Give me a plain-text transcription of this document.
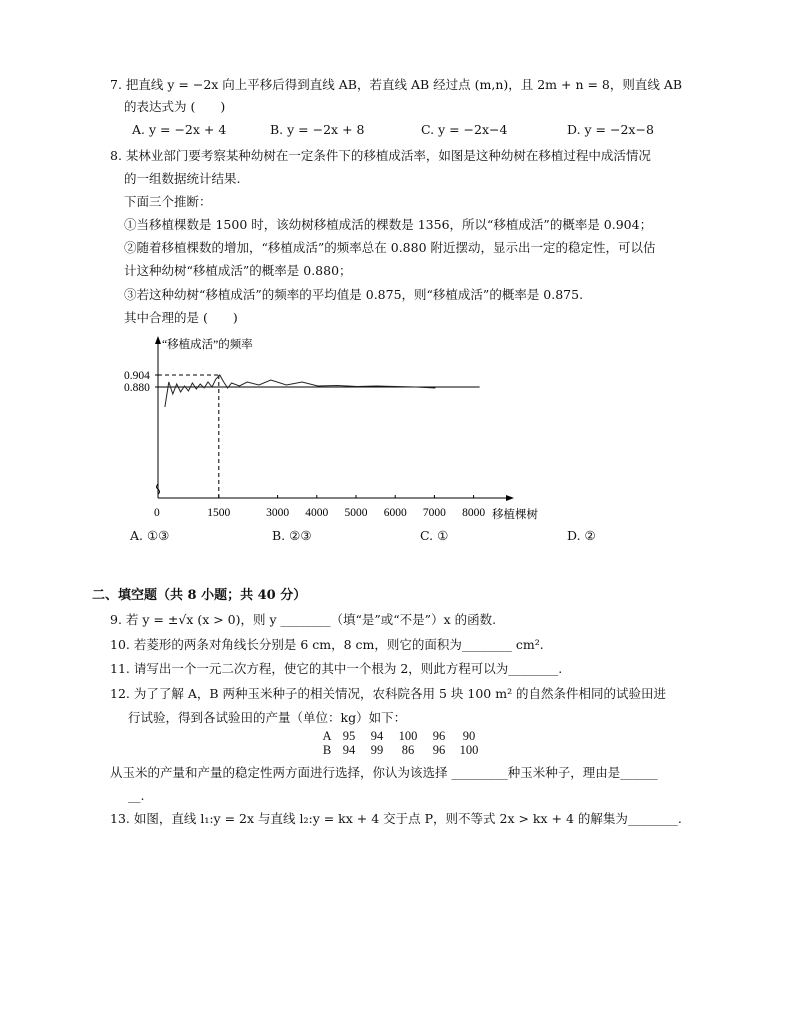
7. 把直线 y = −2x 向上平移后得到直线 AB，若直线 AB 经过点 (m,n)，且 2m + n = 8，则直线 AB
的表达式为 (　　)
A. y = −2x + 4	B. y = −2x + 8	C. y = −2x−4	D. y = −2x−8
8. 某林业部门要考察某种幼树在一定条件下的移植成活率，如图是这种幼树在移植过程中成活情况
的一组数据统计结果.
下面三个推断：
①当移植棵数是 1500 时，该幼树移植成活的棵数是 1356，所以“移植成活”的概率是 0.904；
②随着移植棵数的增加，“移植成活”的频率总在 0.880 附近摆动，显示出一定的稳定性，可以估
计这种幼树“移植成活”的概率是 0.880；
③若这种幼树“移植成活”的频率的平均值是 0.875，则“移植成活”的概率是 0.875.
其中合理的是 (　　)
“移植成活”的频率
移植棵树
0.904
0.880
0	1500	3000 4000 5000 6000 7000 8000
A. ①③	B. ②③	C. ①	D. ②
二、填空题（共 8 小题；共 40 分）
9. 若 y = ±√x (x > 0)，则 y ________（填“是”或“不是”）x 的函数.
10. 若菱形的两条对角线长分别是 6 cm，8 cm，则它的面积为________ cm².
11. 请写出一个一元二次方程，使它的其中一个根为 2，则此方程可以为________.
12. 为了了解 A，B 两种玉米种子的相关情况，农科院各用 5 块 100 m² 的自然条件相同的试验田进
行试验，得到各试验田的产量（单位：kg）如下：
A 95 94 100 96 90
B 94 99 86 96 100
从玉米的产量和产量的稳定性两方面进行选择，你认为该选择 _________种玉米种子，理由是______
__.
13. 如图，直线 l₁:y = 2x 与直线 l₂:y = kx + 4 交于点 P，则不等式 2x > kx + 4 的解集为________.
